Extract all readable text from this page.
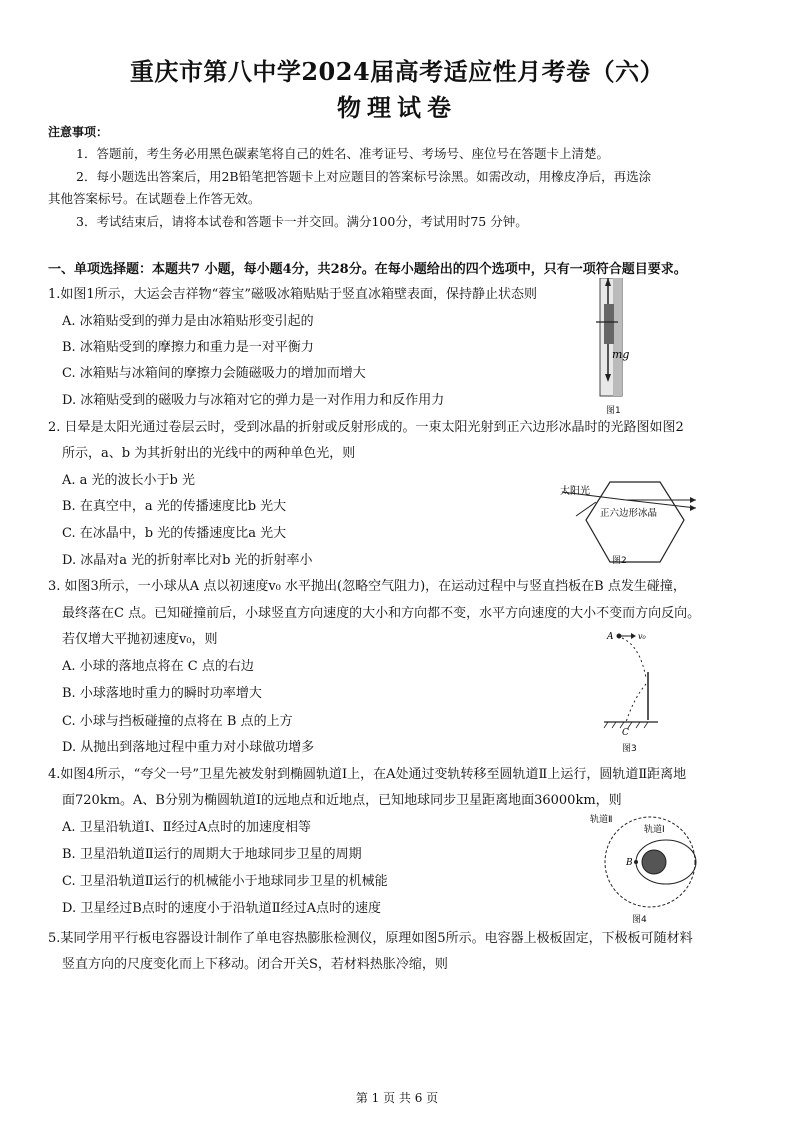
重庆市第八中学2024届高考适应性月考卷（六）
物理试卷
注意事项：
1．答题前，考生务必用黑色碳素笔将自己的姓名、准考证号、考场号、座位号在答题卡上清楚。
2．每小题选出答案后，用2B铅笔把答题卡上对应题目的答案标号涂黑。如需改动，用橡皮净后，再选涂
其他答案标号。在试题卷上作答无效。
3．考试结束后，请将本试卷和答题卡一并交回。满分100分，考试用时75 分钟。
一、单项选择题：本题共7 小题，每小题4分，共28分。在每小题给出的四个选项中，只有一项符合题目要求。
1.如图1所示，大运会吉祥物“蓉宝”磁吸冰箱贴贴于竖直冰箱壁表面，保持静止状态则
A. 冰箱贴受到的弹力是由冰箱贴形变引起的
B. 冰箱贴受到的摩擦力和重力是一对平衡力
C. 冰箱贴与冰箱间的摩擦力会随磁吸力的增加而增大
D. 冰箱贴受到的磁吸力与冰箱对它的弹力是一对作用力和反作用力
mg
图1
2. 日晕是太阳光通过卷层云时，受到冰晶的折射或反射形成的。一束太阳光射到正六边形冰晶时的光路图如图2
所示，a、b 为其折射出的光线中的两种单色光，则
A. a 光的波长小于b 光
B. 在真空中，a 光的传播速度比b 光大
C. 在冰晶中，b 光的传播速度比a 光大
D. 冰晶对a 光的折射率比对b 光的折射率小
太阳光
正六边形冰晶
图2
3. 如图3所示，一小球从A 点以初速度v₀ 水平抛出(忽略空气阻力)，在运动过程中与竖直挡板在B 点发生碰撞，
最终落在C 点。已知碰撞前后，小球竖直方向速度的大小和方向都不变，水平方向速度的大小不变而方向反向。
若仅增大平抛初速度v₀，则
A. 小球的落地点将在 C 点的右边
B. 小球落地时重力的瞬时功率增大
C. 小球与挡板碰撞的点将在 B 点的上方
D. 从抛出到落地过程中重力对小球做功增多
A	v₀
C
图3
4.如图4所示，“夸父一号”卫星先被发射到椭圆轨道Ⅰ上，在A处通过变轨转移至圆轨道Ⅱ上运行，圆轨道Ⅱ距离地
面720km。A、B分别为椭圆轨道Ⅰ的远地点和近地点，已知地球同步卫星距离地面36000km，则
A. 卫星沿轨道Ⅰ、Ⅱ经过A点时的加速度相等
B. 卫星沿轨道Ⅱ运行的周期大于地球同步卫星的周期
C. 卫星沿轨道Ⅱ运行的机械能小于地球同步卫星的机械能
D. 卫星经过B点时的速度小于沿轨道Ⅱ经过A点时的速度
轨道Ⅱ
轨道Ⅰ
B
图4
5.某同学用平行板电容器设计制作了单电容热膨胀检测仪，原理如图5所示。电容器上极板固定，下极板可随材料
竖直方向的尺度变化而上下移动。闭合开关S，若材料热胀冷缩，则
第 1 页 共 6 页
